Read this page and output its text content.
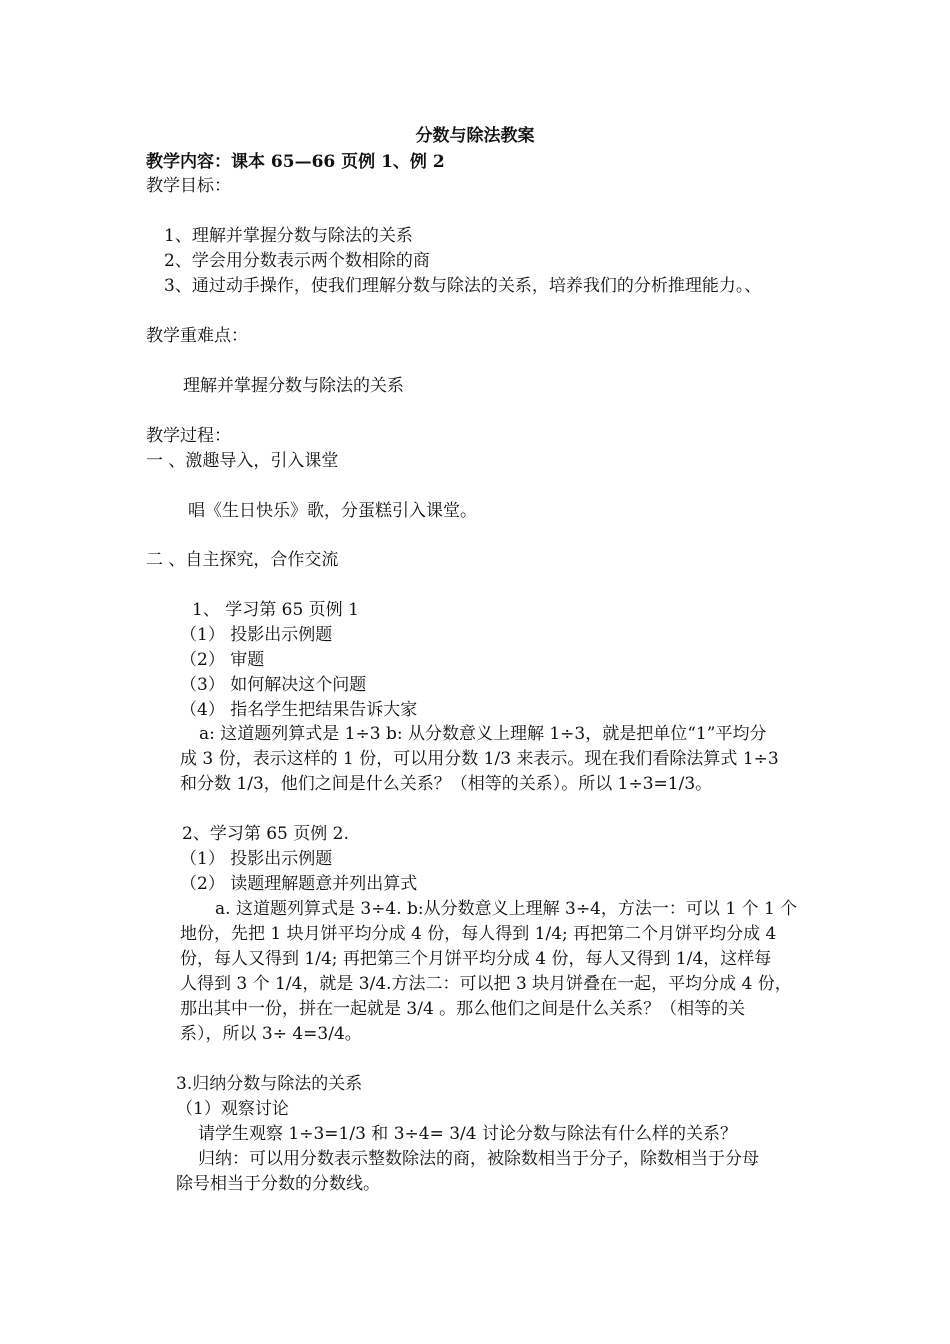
分数与除法教案
教学内容：课本 65—66 页例 1、例 2
教学目标：
1、理解并掌握分数与除法的关系
2、学会用分数表示两个数相除的商
3、通过动手操作，使我们理解分数与除法的关系，培养我们的分析推理能力。、
教学重难点：
理解并掌握分数与除法的关系
教学过程：
一 、激趣导入，引入课堂
唱《生日快乐》歌，分蛋糕引入课堂。
二 、自主探究，合作交流
1、 学习第 65 页例 1
（1） 投影出示例题
（2） 审题
（3） 如何解决这个问题
（4） 指名学生把结果告诉大家
a: 这道题列算式是 1÷3 b: 从分数意义上理解 1÷3，就是把单位“1”平均分
成 3 份，表示这样的 1 份，可以用分数 1/3 来表示。现在我们看除法算式 1÷3
和分数 1/3，他们之间是什么关系？（相等的关系）。所以 1÷3=1/3。
2、学习第 65 页例 2.
（1） 投影出示例题
（2） 读题理解题意并列出算式
a. 这道题列算式是 3÷4. b:从分数意义上理解 3÷4，方法一：可以 1 个 1 个
地份，先把 1 块月饼平均分成 4 份，每人得到 1/4; 再把第二个月饼平均分成 4
份，每人又得到 1/4; 再把第三个月饼平均分成 4 份，每人又得到 1/4，这样每
人得到 3 个 1/4，就是 3/4.方法二：可以把 3 块月饼叠在一起，平均分成 4 份，
那出其中一份，拼在一起就是 3/4 。那么他们之间是什么关系？（相等的关
系），所以 3÷ 4=3/4。
3.归纳分数与除法的关系
（1）观察讨论
请学生观察 1÷3=1/3 和 3÷4= 3/4 讨论分数与除法有什么样的关系？
归纳：可以用分数表示整数除法的商，被除数相当于分子，除数相当于分母
除号相当于分数的分数线。
